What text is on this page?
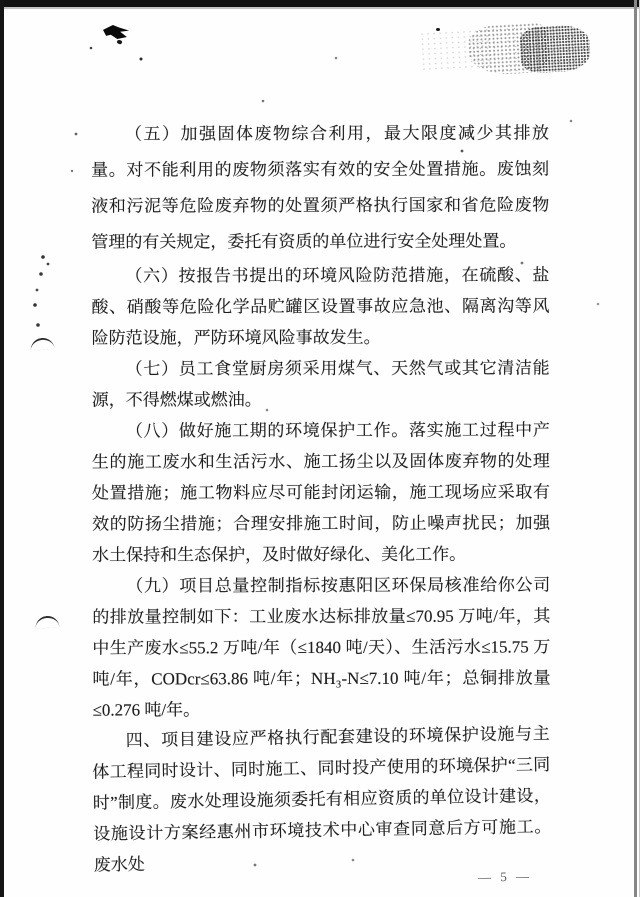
（五）加强固体废物综合利用，最大限度减少其排放量。对不能利用的废物须落实有效的安全处置措施。废蚀刻液和污泥等危险废弃物的处置须严格执行国家和省危险废物管理的有关规定，委托有资质的单位进行安全处理处置。

（六）按报告书提出的环境风险防范措施，在硫酸、盐酸、硝酸等危险化学品贮罐区设置事故应急池、隔离沟等风险防范设施，严防环境风险事故发生。

（七）员工食堂厨房须采用煤气、天然气或其它清洁能源，不得燃煤或燃油。

（八）做好施工期的环境保护工作。落实施工过程中产生的施工废水和生活污水、施工扬尘以及固体废弃物的处理处置措施；施工物料应尽可能封闭运输，施工现场应采取有效的防扬尘措施；合理安排施工时间，防止噪声扰民；加强水土保持和生态保护，及时做好绿化、美化工作。

（九）项目总量控制指标按惠阳区环保局核准给你公司的排放量控制如下：工业废水达标排放量≤70.95 万吨/年，其中生产废水≤55.2 万吨/年（≤1840 吨/天）、生活污水≤15.75 万吨/年，CODcr≤63.86 吨/年；NH₃-N≤7.10 吨/年；总铜排放量≤0.276 吨/年。

四、项目建设应严格执行配套建设的环境保护设施与主体工程同时设计、同时施工、同时投产使用的环境保护“三同时”制度。废水处理设施须委托有相应资质的单位设计建设，设施设计方案经惠州市环境技术中心审查同意后方可施工。废水处

— 5 —
